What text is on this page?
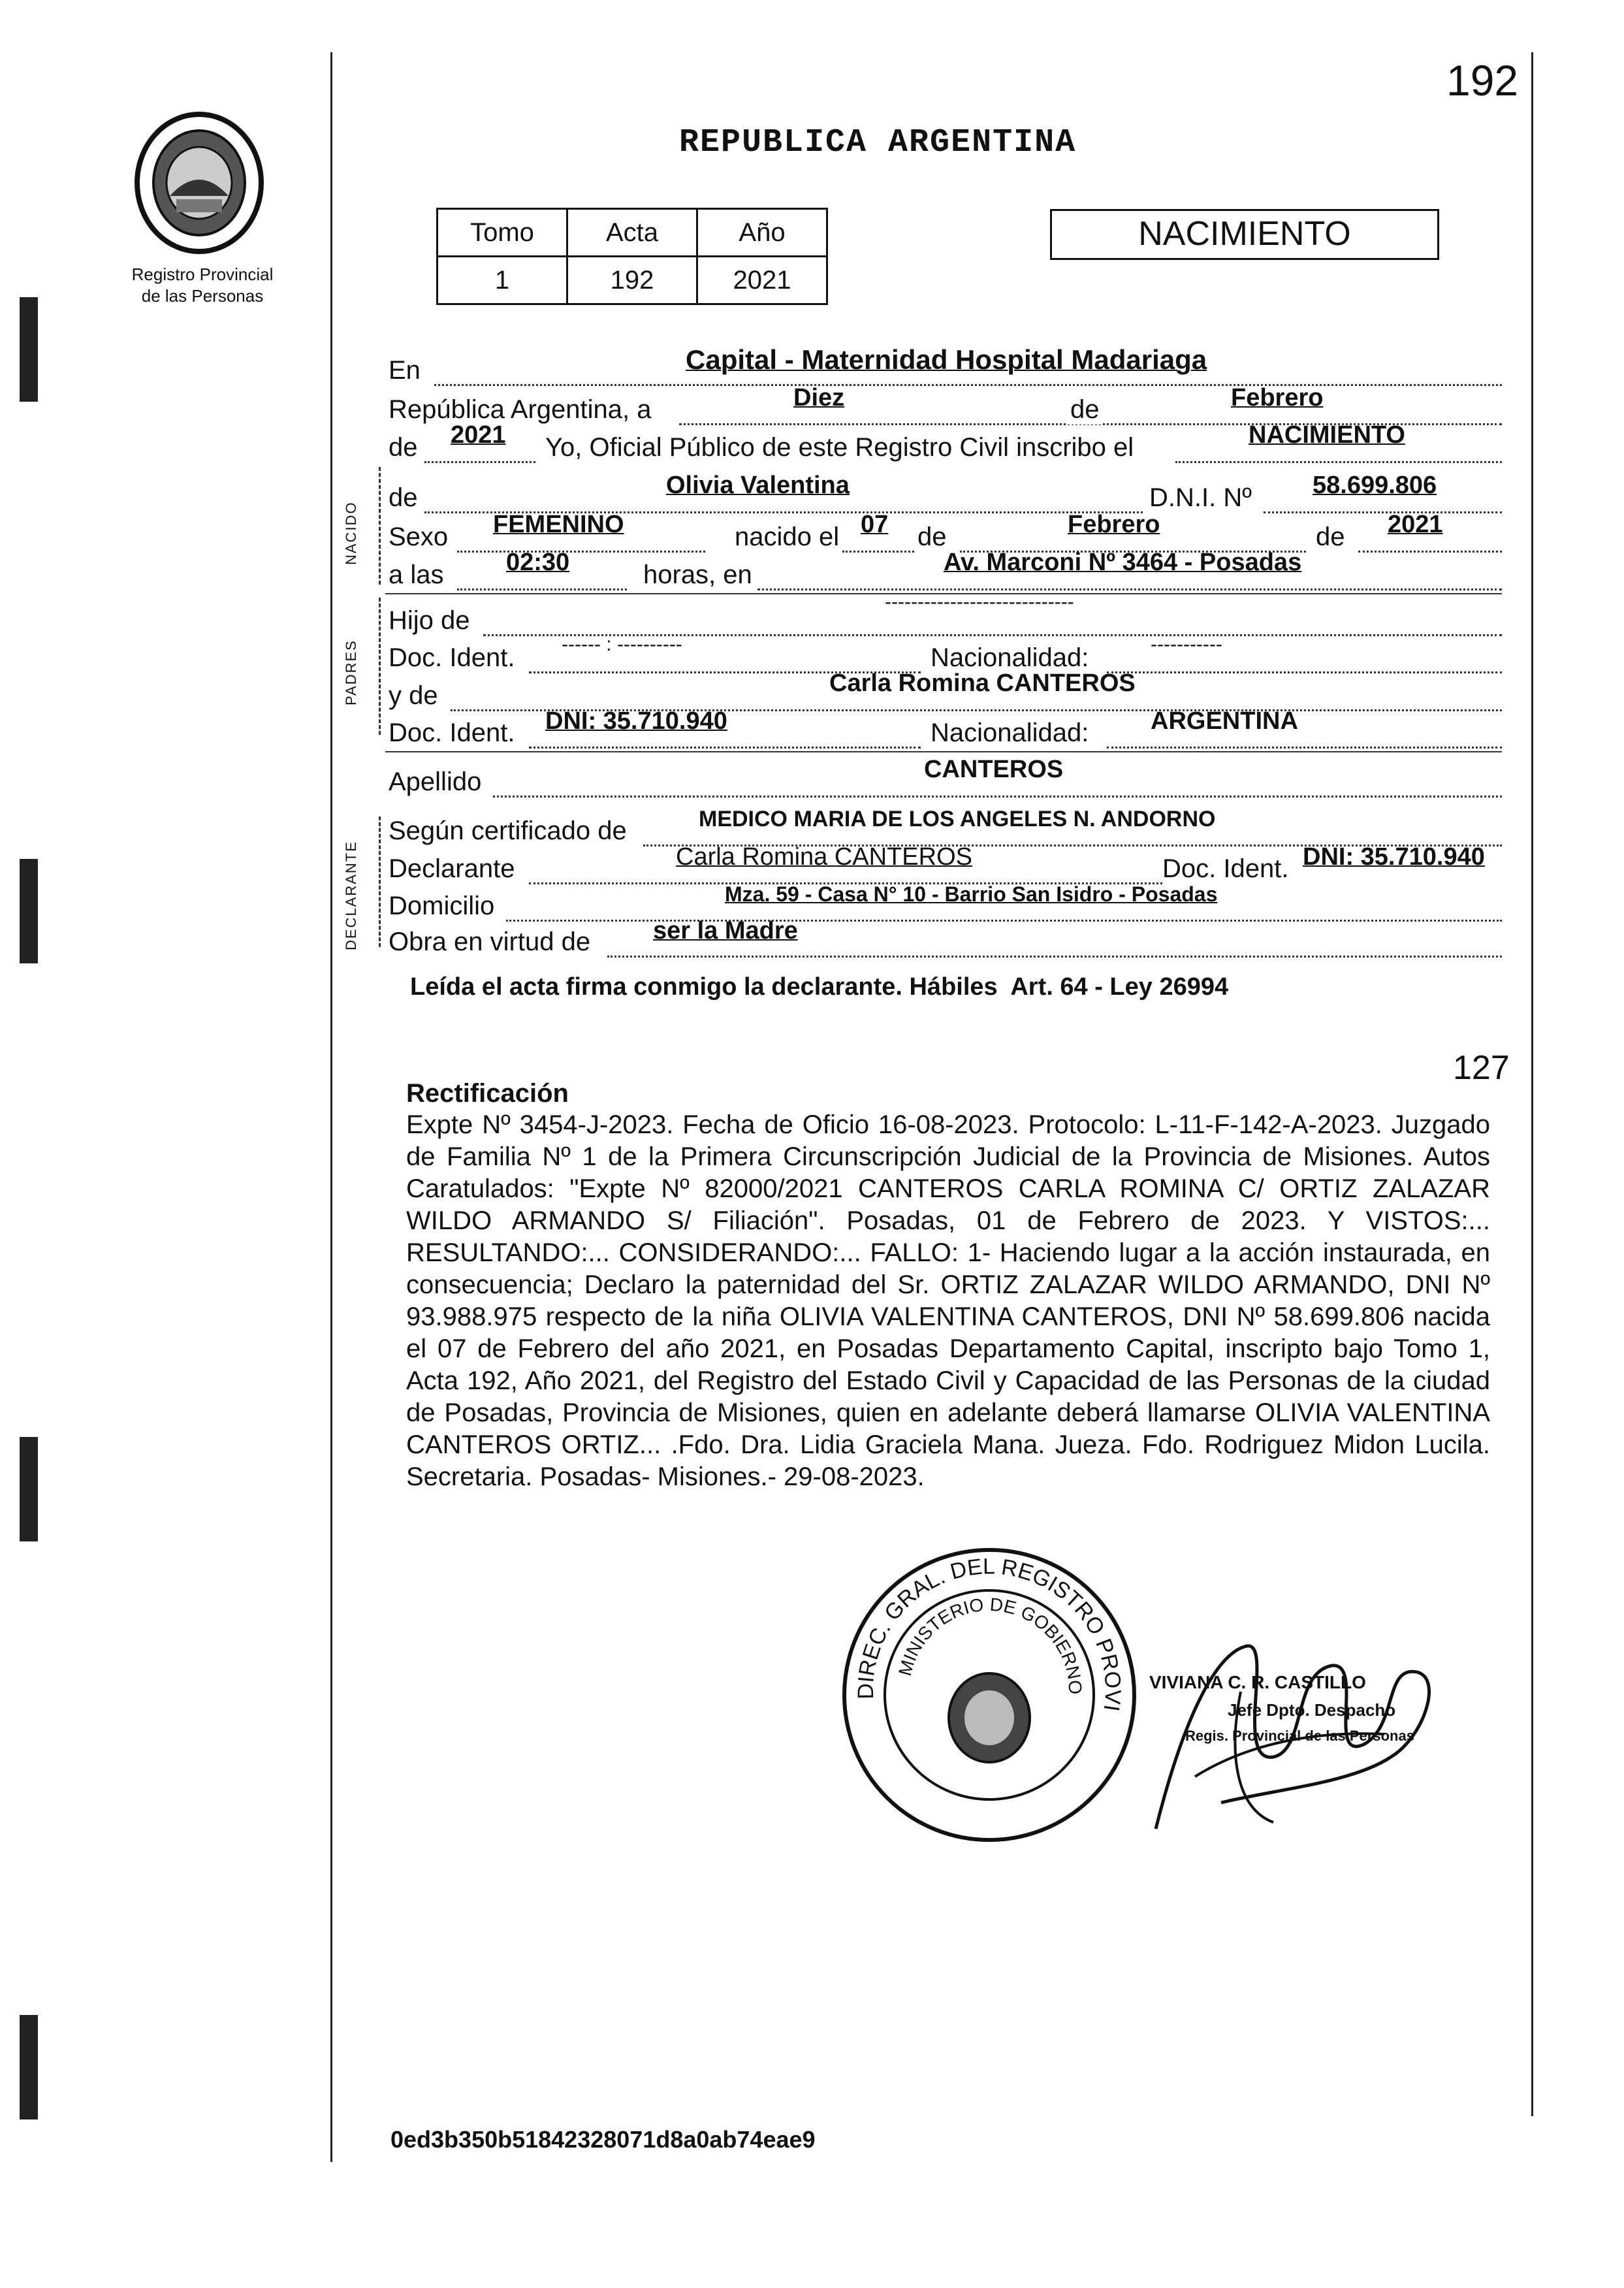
192
Registro Provincial
de las Personas
REPUBLICA ARGENTINA
Tomo	Acta	Año
1	192	2021
NACIMIENTO
NACIDO
PADRES
DECLARANTE
En	Capital - Maternidad Hospital Madariaga
República Argentina, a	Diez	de	Febrero
de 2021 Yo, Oficial Público de este Registro Civil inscribo el	NACIMIENTO
de	Olivia Valentina	D.N.I. Nº 58.699.806
Sexo FEMENINO	nacido el 07 de	Febrero	de 2021
a las	02:30	horas, en	Av. Marconi Nº 3464 - Posadas
Hijo de
-----------------------------
Doc. Ident. ------ : ----------	Nacionalidad:	-----------
y de	Carla Romina CANTEROS
Doc. Ident. DNI: 35.710.940	Nacionalidad: ARGENTINA
Apellido	CANTEROS
Según certificado de	MEDICO MARIA DE LOS ANGELES N. ANDORNO
Declarante	Carla Romina CANTEROS	Doc. Ident. DNI: 35.710.940
Domicilio	Mza. 59 - Casa N° 10 - Barrio San Isidro - Posadas
Obra en virtud de	ser la Madre
Leída el acta firma conmigo la declarante. Hábiles  Art. 64 - Ley 26994
127
Rectificación
Expte Nº 3454-J-2023. Fecha de Oficio 16-08-2023. Protocolo: L-11-F-142-A-2023. Juzgado de Familia Nº 1 de la Primera Circunscripción Judicial de la Provincia de Misiones. Autos Caratulados: "Expte Nº 82000/2021 CANTEROS CARLA ROMINA C/ ORTIZ ZALAZAR WILDO ARMANDO S/ Filiación". Posadas, 01 de Febrero de 2023. Y VISTOS:... RESULTANDO:... CONSIDERANDO:... FALLO: 1- Haciendo lugar a la acción instaurada, en consecuencia; Declaro la paternidad del Sr. ORTIZ ZALAZAR WILDO ARMANDO, DNI Nº 93.988.975 respecto de la niña OLIVIA VALENTINA CANTEROS, DNI Nº 58.699.806 nacida el 07 de Febrero del año 2021, en Posadas Departamento Capital, inscripto bajo Tomo 1, Acta 192, Año 2021, del Registro del Estado Civil y Capacidad de las Personas de la ciudad de Posadas, Provincia de Misiones, quien en adelante deberá llamarse OLIVIA VALENTINA CANTEROS ORTIZ... .Fdo. Dra. Lidia Graciela Mana. Jueza. Fdo. Rodriguez Midon Lucila. Secretaria. Posadas- Misiones.- 29-08-2023.
DIREC. GRAL. DEL REGISTRO PROVI
MINISTERIO DE GOBIERNO	VIVIANA C. R. CASTILLO
Jefe Dpto. Despacho
Regis. Provincial de las Personas
0ed3b350b51842328071d8a0ab74eae9
